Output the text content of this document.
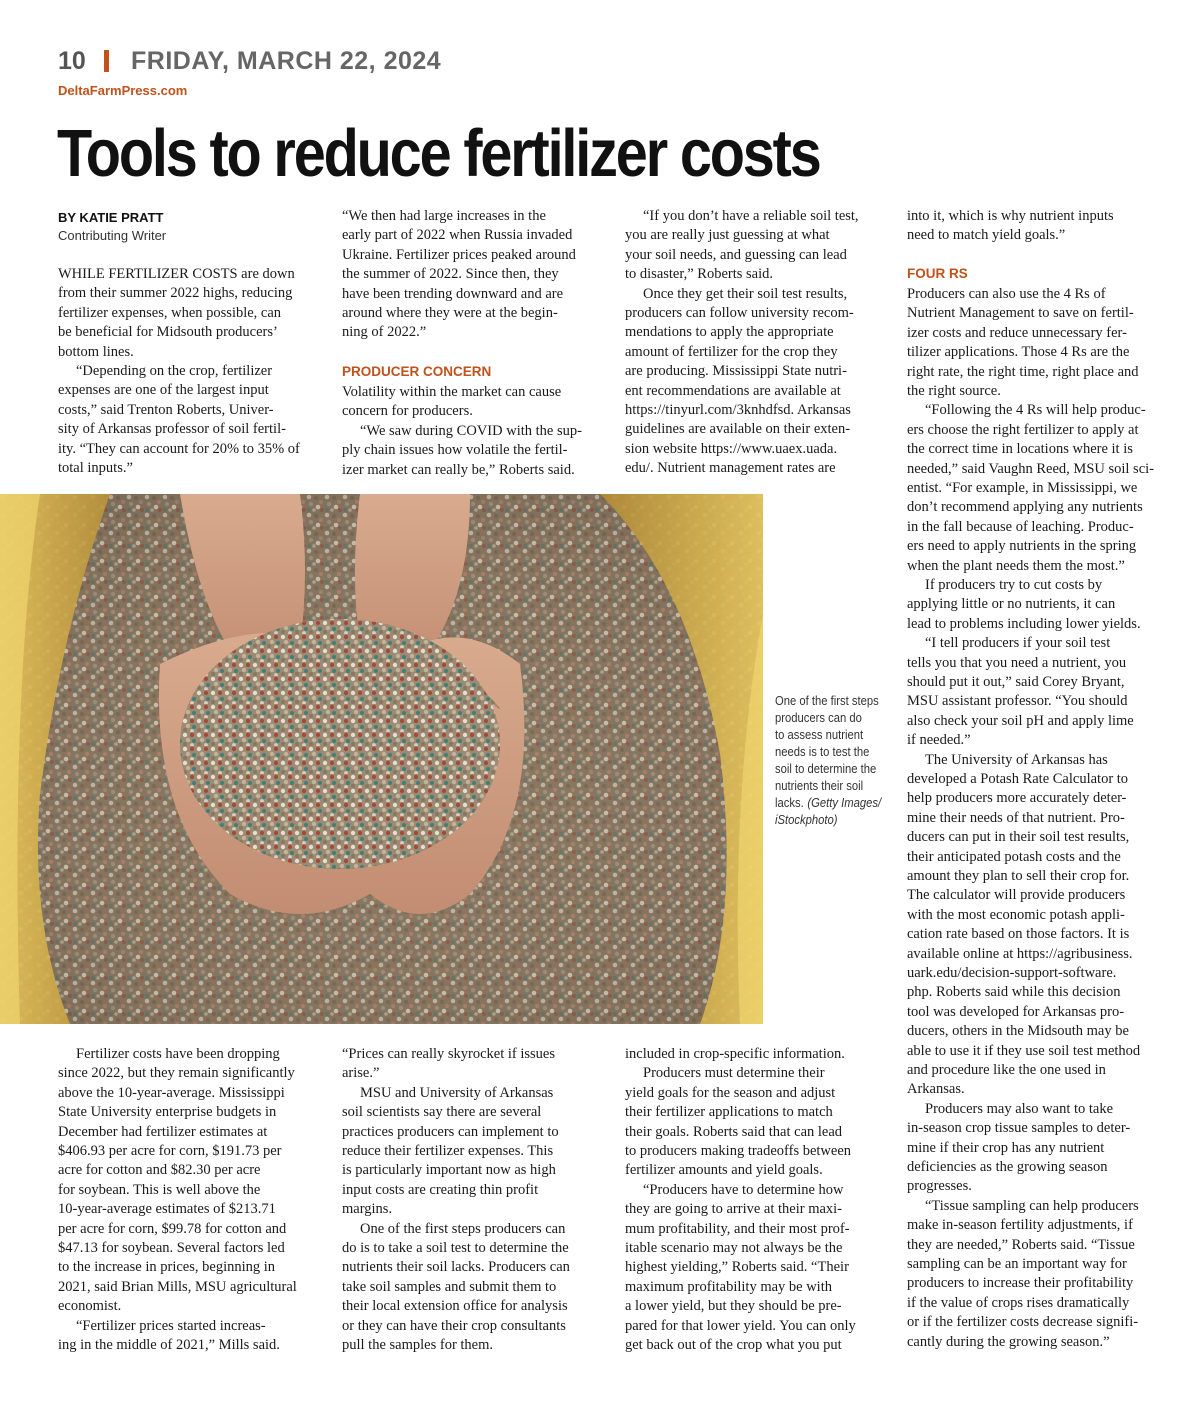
10 FRIDAY, MARCH 22, 2024
DeltaFarmPress.com
Tools to reduce fertilizer costs
BY KATIE PRATT
Contributing Writer
WHILE FERTILIZER COSTS are down
from their summer 2022 highs, reducing
fertilizer expenses, when possible, can
be beneficial for Midsouth producers’
bottom lines.
“Depending on the crop, fertilizer
expenses are one of the largest input
costs,” said Trenton Roberts, Univer-
sity of Arkansas professor of soil fertil-
ity. “They can account for 20% to 35% of
total inputs.”
“We then had large increases in the
early part of 2022 when Russia invaded
Ukraine. Fertilizer prices peaked around
the summer of 2022. Since then, they
have been trending downward and are
around where they were at the begin-
ning of 2022.”
PRODUCER CONCERN
Volatility within the market can cause
concern for producers.
“We saw during COVID with the sup-
ply chain issues how volatile the fertil-
izer market can really be,” Roberts said.
“If you don’t have a reliable soil test,
you are really just guessing at what
your soil needs, and guessing can lead
to disaster,” Roberts said.
Once they get their soil test results,
producers can follow university recom-
mendations to apply the appropriate
amount of fertilizer for the crop they
are producing. Mississippi State nutri-
ent recommendations are available at
https://tinyurl.com/3knhdfsd. Arkansas
guidelines are available on their exten-
sion website https://www.uaex.uada.
edu/. Nutrient management rates are
into it, which is why nutrient inputs
need to match yield goals.”
FOUR RS
Producers can also use the 4 Rs of
Nutrient Management to save on fertil-
izer costs and reduce unnecessary fer-
tilizer applications. Those 4 Rs are the
right rate, the right time, right place and
the right source.
“Following the 4 Rs will help produc-
ers choose the right fertilizer to apply at
the correct time in locations where it is
needed,” said Vaughn Reed, MSU soil sci-
entist. “For example, in Mississippi, we
don’t recommend applying any nutrients
in the fall because of leaching. Produc-
ers need to apply nutrients in the spring
when the plant needs them the most.”
If producers try to cut costs by
applying little or no nutrients, it can
lead to problems including lower yields.
“I tell producers if your soil test
tells you that you need a nutrient, you
should put it out,” said Corey Bryant,
MSU assistant professor. “You should
also check your soil pH and apply lime
if needed.”
The University of Arkansas has
developed a Potash Rate Calculator to
help producers more accurately deter-
mine their needs of that nutrient. Pro-
ducers can put in their soil test results,
their anticipated potash costs and the
amount they plan to sell their crop for.
The calculator will provide producers
with the most economic potash appli-
cation rate based on those factors. It is
available online at https://agribusiness.
uark.edu/decision-support-software.
php. Roberts said while this decision
tool was developed for Arkansas pro-
ducers, others in the Midsouth may be
able to use it if they use soil test method
and procedure like the one used in
Arkansas.
Producers may also want to take
in-season crop tissue samples to deter-
mine if their crop has any nutrient
deficiencies as the growing season
progresses.
“Tissue sampling can help producers
make in-season fertility adjustments, if
they are needed,” Roberts said. “Tissue
sampling can be an important way for
producers to increase their profitability
if the value of crops rises dramatically
or if the fertilizer costs decrease signifi-
cantly during the growing season.”
Fertilizer costs have been dropping
since 2022, but they remain significantly
above the 10-year-average. Mississippi
State University enterprise budgets in
December had fertilizer estimates at
$406.93 per acre for corn, $191.73 per
acre for cotton and $82.30 per acre
for soybean. This is well above the
10-year-average estimates of $213.71
per acre for corn, $99.78 for cotton and
$47.13 for soybean. Several factors led
to the increase in prices, beginning in
2021, said Brian Mills, MSU agricultural
economist.
“Fertilizer prices started increas-
ing in the middle of 2021,” Mills said.
“Prices can really skyrocket if issues
arise.”
MSU and University of Arkansas
soil scientists say there are several
practices producers can implement to
reduce their fertilizer expenses. This
is particularly important now as high
input costs are creating thin profit
margins.
One of the first steps producers can
do is to take a soil test to determine the
nutrients their soil lacks. Producers can
take soil samples and submit them to
their local extension office for analysis
or they can have their crop consultants
pull the samples for them.
included in crop-specific information.
Producers must determine their
yield goals for the season and adjust
their fertilizer applications to match
their goals. Roberts said that can lead
to producers making tradeoffs between
fertilizer amounts and yield goals.
“Producers have to determine how
they are going to arrive at their maxi-
mum profitability, and their most prof-
itable scenario may not always be the
highest yielding,” Roberts said. “Their
maximum profitability may be with
a lower yield, but they should be pre-
pared for that lower yield. You can only
get back out of the crop what you put
One of the first steps
producers can do
to assess nutrient
needs is to test the
soil to determine the
nutrients their soil
lacks. (Getty Images/
iStockphoto)
